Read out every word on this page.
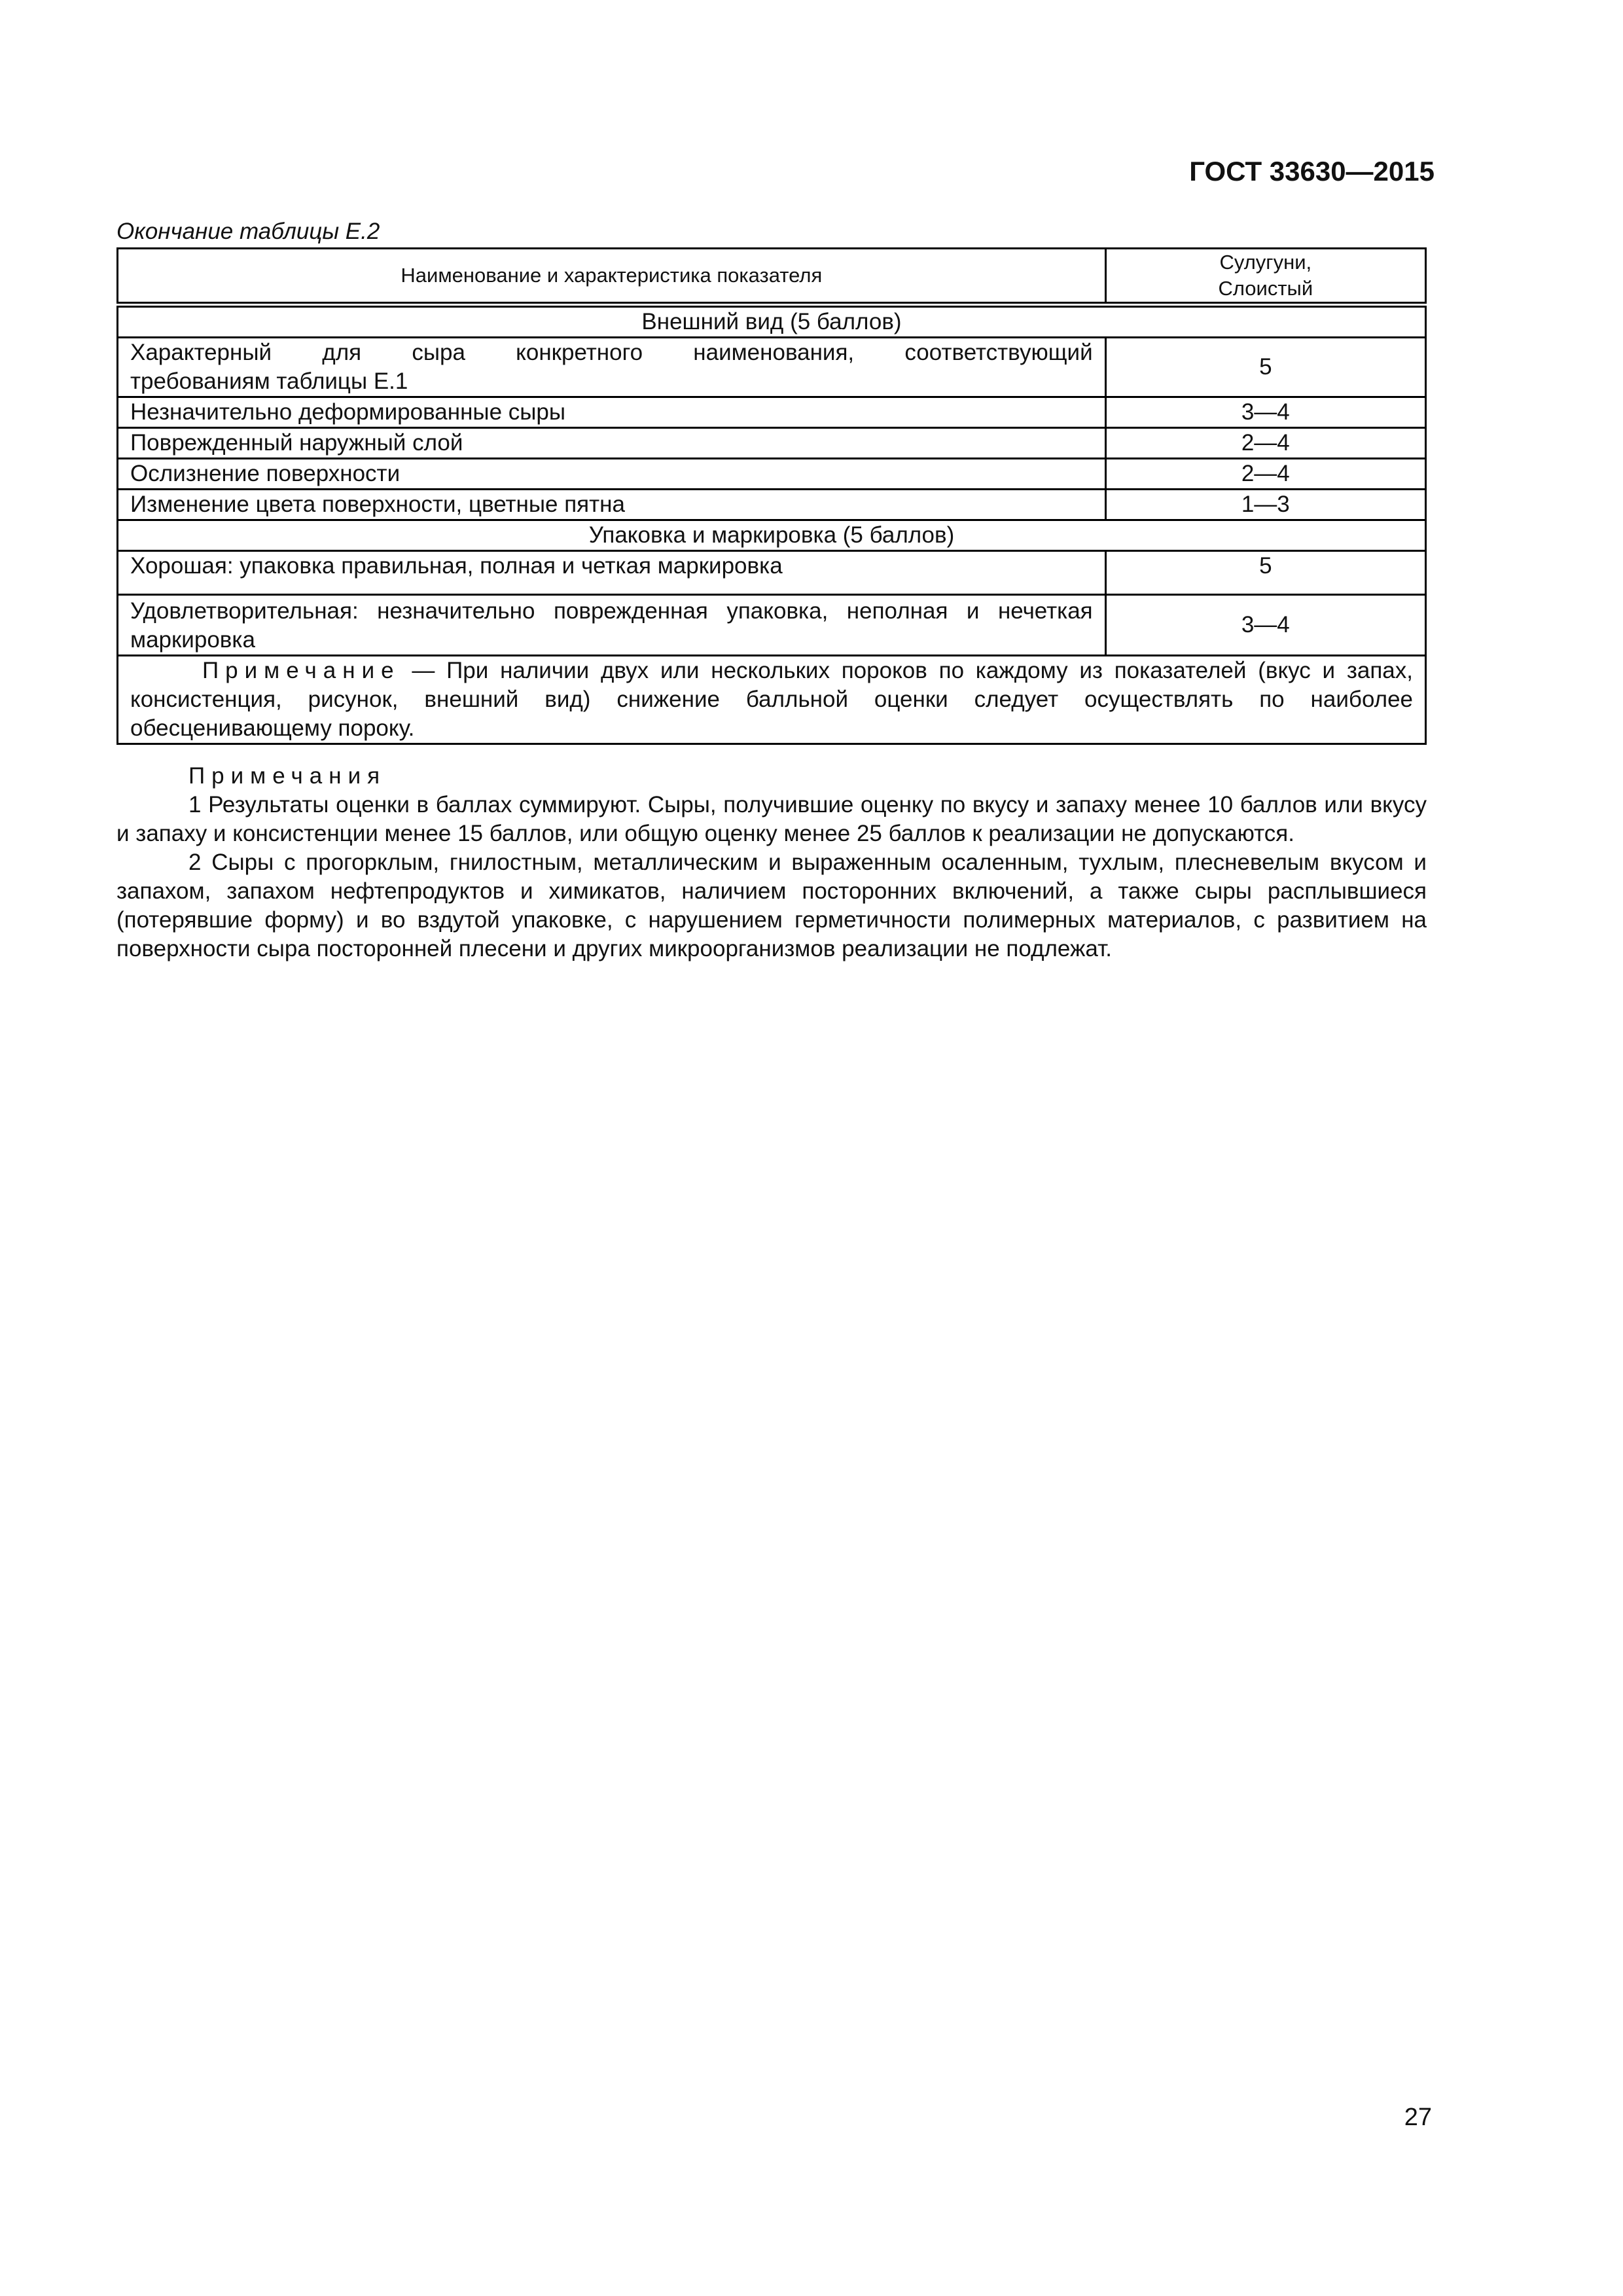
ГОСТ 33630—2015
Окончание таблицы Е.2
Наименование и характеристика показателя	Сулугуни,
Слоистый
Внешний вид (5 баллов)	

Характерный для сыра конкретного наименования, соответствующий
требованиям таблицы Е.1	5
Незначительно деформированные сыры	3—4
Поврежденный наружный слой	2—4
Ослизнение поверхности	2—4
Изменение цвета поверхности, цветные пятна	1—3
Упаковка и маркировка (5 баллов)	
Хорошая: упаковка правильная, полная и четкая маркировка	5
Удовлетворительная: незначительно поврежденная упаковка, неполная и нечеткая маркировка	3—4
Примечание — При наличии двух или нескольких пороков по каждому из показателей (вкус и запах, консистенция, рисунок, внешний вид) снижение балльной оценки следует осуществлять по наиболее обесценивающему пороку.	

Примечания

1 Результаты оценки в баллах суммируют. Сыры, получившие оценку по вкусу и запаху менее 10 баллов или вкусу и запаху и консистенции менее 15 баллов, или общую оценку менее 25 баллов к реализации не допускаются.

2 Сыры с прогорклым, гнилостным, металлическим и выраженным осаленным, тухлым, плесневелым вкусом и запахом, запахом нефтепродуктов и химикатов, наличием посторонних включений, а также сыры расплывшиеся (потерявшие форму) и во вздутой упаковке, с нарушением герметичности полимерных материалов, с развитием на поверхности сыра посторонней плесени и других микроорганизмов реализации не подлежат.

27
